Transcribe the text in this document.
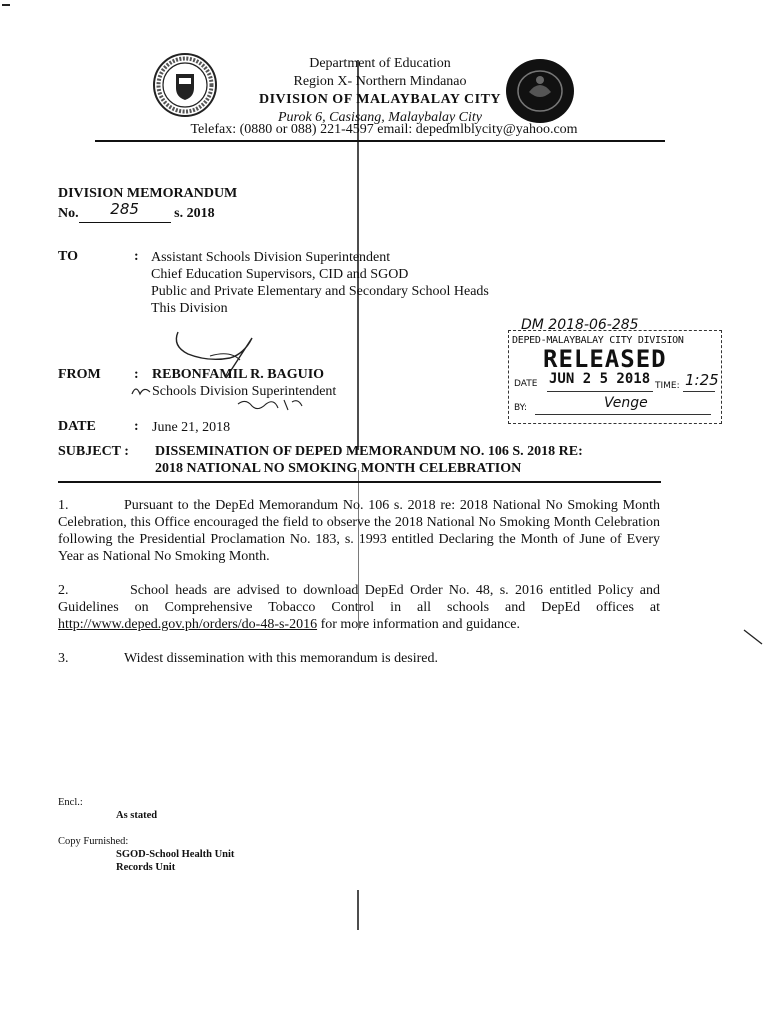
Department of Education
Region X- Northern Mindanao
DIVISION OF MALAYBALAY CITY
Purok 6, Casisang, Malaybalay City
Telefax: (0880 or 088) 221-4597 email: depedmlblycity@yahoo.com
DIVISION MEMORANDUM
No. 285	s. 2018
TO	: Assistant Schools Division Superintendent
Chief Education Supervisors, CID and SGOD
Public and Private Elementary and Secondary School Heads
This Division
FROM : REBONFAMIL R. BAGUIO
Schools Division Superintendent
DATE	: June 21, 2018
SUBJECT : DISSEMINATION OF DEPED MEMORANDUM NO. 106 S. 2018 RE:
2018 NATIONAL NO SMOKING MONTH CELEBRATION
DM 2018-06-285
DEPED-MALAYBALAY CITY DIVISION
RELEASED
DATE JUN 2 5 2018 TIME: 1:25
BY:	Venge
1.	Pursuant to the DepEd Memorandum No. 106 s. 2018 re: 2018 National No Smoking Month Celebration, this Office encouraged the field to observe the 2018 National No Smoking Month Celebration following the Presidential Proclamation No. 183, s. 1993 entitled Declaring the Month of June of Every Year as National No Smoking Month.
2.	School heads are advised to download DepEd Order No. 48, s. 2016 entitled Policy and Guidelines on Comprehensive Tobacco Control in all schools and DepEd offices at http://www.deped.gov.ph/orders/do-48-s-2016 for more information and guidance.
3.	Widest dissemination with this memorandum is desired.
Encl.:
As stated
Copy Furnished:
SGOD-School Health Unit
Records Unit
